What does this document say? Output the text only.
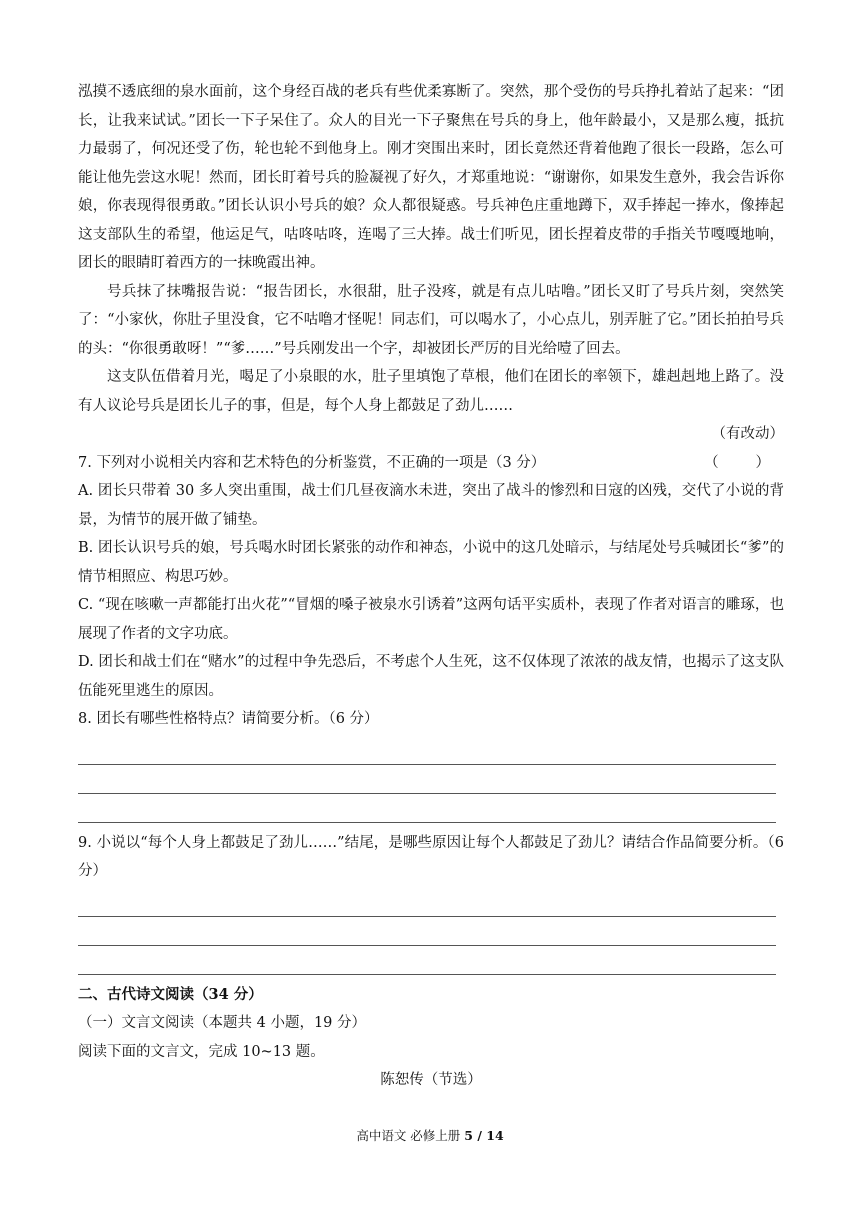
泓摸不透底细的泉水面前，这个身经百战的老兵有些优柔寡断了。突然，那个受伤的号兵挣扎着站了起来：“团长，让我来试试。”团长一下子呆住了。众人的目光一下子聚焦在号兵的身上，他年龄最小，又是那么瘦，抵抗力最弱了，何况还受了伤，轮也轮不到他身上。刚才突围出来时，团长竟然还背着他跑了很长一段路，怎么可能让他先尝这水呢！然而，团长盯着号兵的脸凝视了好久，才郑重地说：“谢谢你，如果发生意外，我会告诉你娘，你表现得很勇敢。”团长认识小号兵的娘？众人都很疑惑。号兵神色庄重地蹲下，双手捧起一捧水，像捧起这支部队生的希望，他运足气，咕咚咕咚，连喝了三大捧。战士们听见，团长捏着皮带的手指关节嘎嘎地响，团长的眼睛盯着西方的一抹晚霞出神。

号兵抹了抹嘴报告说：“报告团长，水很甜，肚子没疼，就是有点儿咕噜。”团长又盯了号兵片刻，突然笑了：“小家伙，你肚子里没食，它不咕噜才怪呢！同志们，可以喝水了，小心点儿，别弄脏了它。”团长拍拍号兵的头：“你很勇敢呀！”“爹……”号兵刚发出一个字，却被团长严厉的目光给噎了回去。

这支队伍借着月光，喝足了小泉眼的水，肚子里填饱了草根，他们在团长的率领下，雄赳赳地上路了。没有人议论号兵是团长儿子的事，但是，每个人身上都鼓足了劲儿……

（有改动）

7. 下列对小说相关内容和艺术特色的分析鉴赏，不正确的一项是（3 分）	（        ）

A. 团长只带着 30 多人突出重围，战士们几昼夜滴水未进，突出了战斗的惨烈和日寇的凶残，交代了小说的背景，为情节的展开做了铺垫。

B. 团长认识号兵的娘，号兵喝水时团长紧张的动作和神态，小说中的这几处暗示，与结尾处号兵喊团长“爹”的情节相照应、构思巧妙。

C. “现在咳嗽一声都能打出火花”“冒烟的嗓子被泉水引诱着”这两句话平实质朴，表现了作者对语言的雕琢，也展现了作者的文字功底。

D. 团长和战士们在“赌水”的过程中争先恐后，不考虑个人生死，这不仅体现了浓浓的战友情，也揭示了这支队伍能死里逃生的原因。

8. 团长有哪些性格特点？请简要分析。（6 分）

9. 小说以“每个人身上都鼓足了劲儿……”结尾，是哪些原因让每个人都鼓足了劲儿？请结合作品简要分析。（6 分）

二、古代诗文阅读（34 分）

（一）文言文阅读（本题共 4 小题，19 分）

阅读下面的文言文，完成 10~13 题。

陈恕传（节选）

高中语文 必修上册 5 / 14
